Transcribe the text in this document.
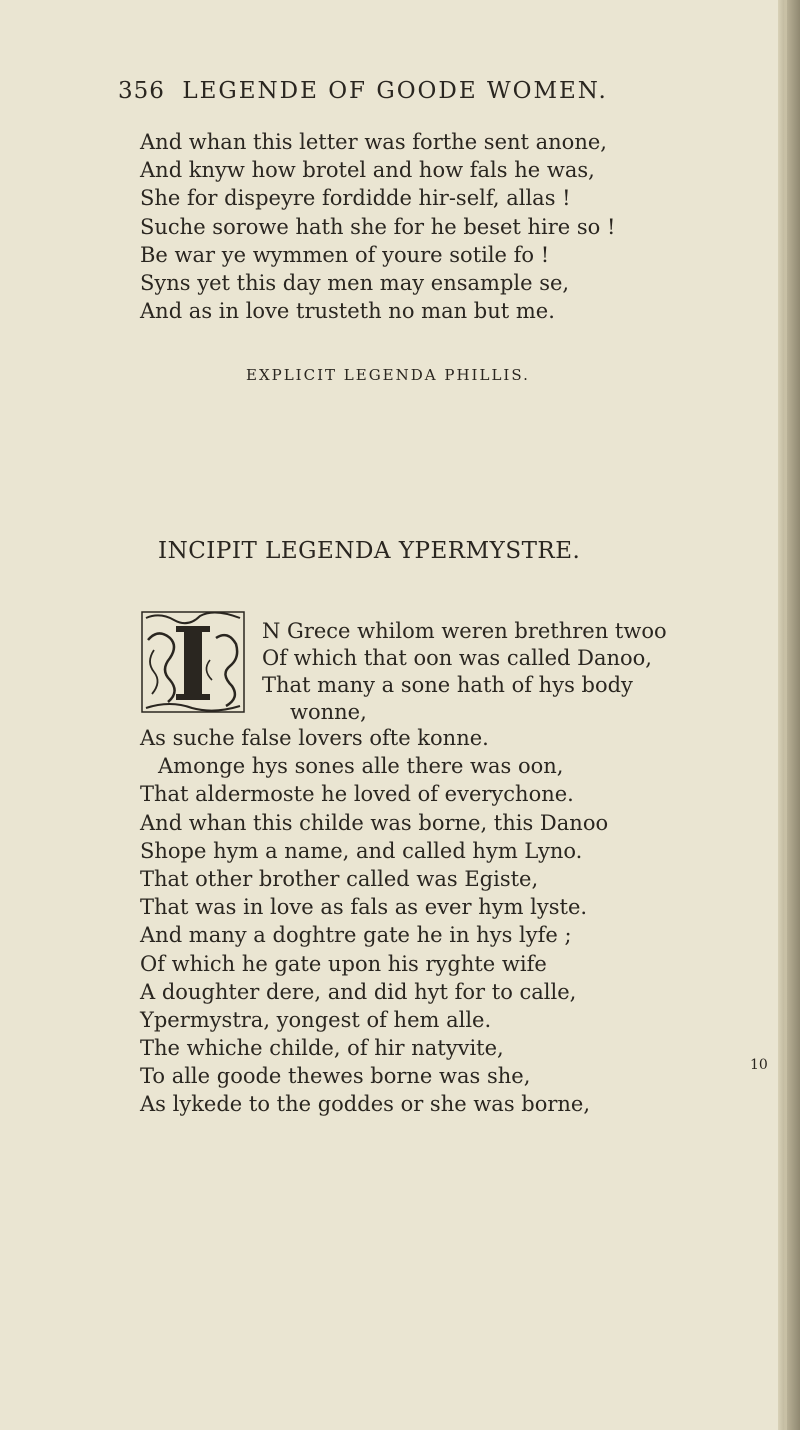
356 LEGENDE OF GOODE WOMEN.
And whan this letter was forthe sent anone,
And knyw how brotel and how fals he was,
She for dispeyre fordidde hir-self, allas !
Suche sorowe hath she for he beset hire so !
Be war ye wymmen of youre sotile fo !
Syns yet this day men may ensample se,
And as in love trusteth no man but me.
EXPLICIT LEGENDA PHILLIS.
INCIPIT LEGENDA YPERMYSTRE.
N Grece whilom weren brethren twoo
Of which that oon was called Danoo,
That many a sone hath of hys body
wonne,
As suche false lovers ofte konne.
Amonge hys sones alle there was oon,
That aldermoste he loved of everychone.
And whan this childe was borne, this Danoo
Shope hym a name, and called hym Lyno.
That other brother called was Egiste,
That was in love as fals as ever hym lyste.
And many a doghtre gate he in hys lyfe ;
Of which he gate upon his ryghte wife
A doughter dere, and did hyt for to calle,
Ypermystra, yongest of hem alle.
The whiche childe, of hir natyvite,
To alle goode thewes borne was she,
As lykede to the goddes or she was borne,
10
